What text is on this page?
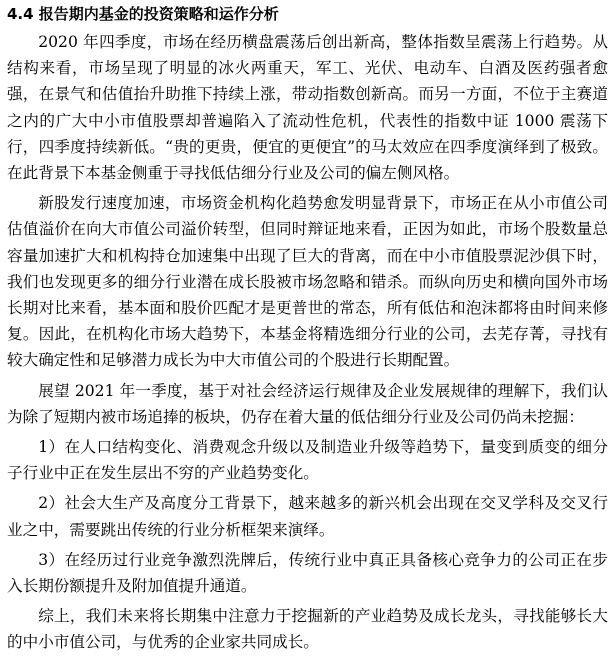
4.4 报告期内基金的投资策略和运作分析

2020 年四季度，市场在经历横盘震荡后创出新高，整体指数呈震荡上行趋势。从结构来看，市场呈现了明显的冰火两重天，军工、光伏、电动车、白酒及医药强者愈强，在景气和估值抬升助推下持续上涨，带动指数创新高。而另一方面，不位于主赛道之内的广大中小市值股票却普遍陷入了流动性危机，代表性的指数中证 1000 震荡下行，四季度持续新低。“贵的更贵，便宜的更便宜”的马太效应在四季度演绎到了极致。在此背景下本基金侧重于寻找低估细分行业及公司的偏左侧风格。

新股发行速度加速，市场资金机构化趋势愈发明显背景下，市场正在从小市值公司估值溢价在向大市值公司溢价转型，但同时辩证地来看，正因为如此，市场个股数量总容量加速扩大和机构持仓加速集中出现了巨大的背离，而在中小市值股票泥沙俱下时，我们也发现更多的细分行业潜在成长股被市场忽略和错杀。而纵向历史和横向国外市场长期对比来看，基本面和股价匹配才是更普世的常态，所有低估和泡沫都将由时间来修复。因此，在机构化市场大趋势下，本基金将精选细分行业的公司，去芜存菁，寻找有较大确定性和足够潜力成长为中大市值公司的个股进行长期配置。

展望 2021 年一季度，基于对社会经济运行规律及企业发展规律的理解下，我们认为除了短期内被市场追捧的板块，仍存在着大量的低估细分行业及公司仍尚未挖掘：

1）在人口结构变化、消费观念升级以及制造业升级等趋势下，量变到质变的细分子行业中正在发生层出不穷的产业趋势变化。

2）社会大生产及高度分工背景下，越来越多的新兴机会出现在交叉学科及交叉行业之中，需要跳出传统的行业分析框架来演绎。

3）在经历过行业竞争激烈洗牌后，传统行业中真正具备核心竞争力的公司正在步入长期份额提升及附加值提升通道。

综上，我们未来将长期集中注意力于挖掘新的产业趋势及成长龙头，寻找能够长大的中小市值公司，与优秀的企业家共同成长。
